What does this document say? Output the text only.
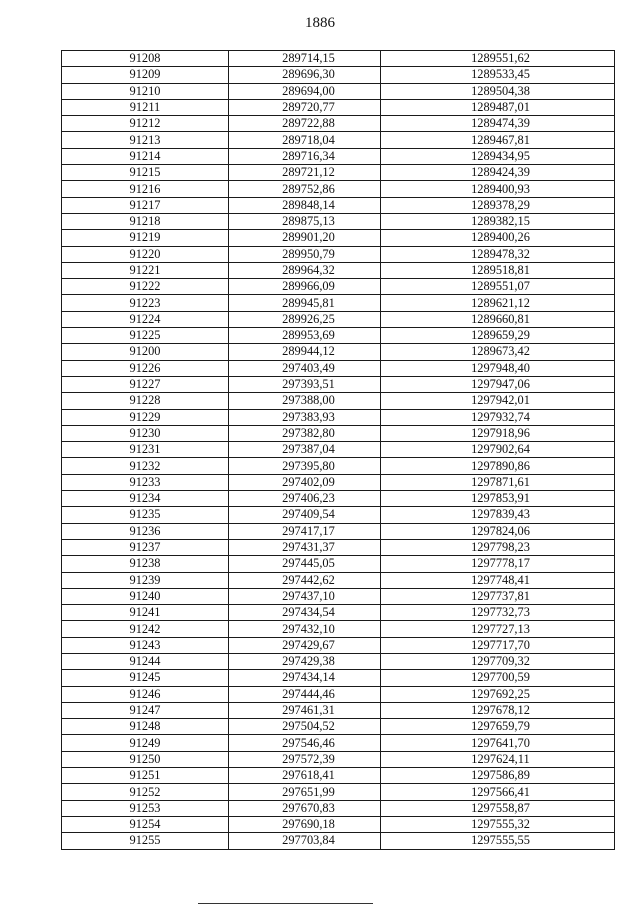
1886
91208	289714,15	1289551,62
91209	289696,30	1289533,45
91210	289694,00	1289504,38
91211	289720,77	1289487,01
91212	289722,88	1289474,39
91213	289718,04	1289467,81
91214	289716,34	1289434,95
91215	289721,12	1289424,39
91216	289752,86	1289400,93
91217	289848,14	1289378,29
91218	289875,13	1289382,15
91219	289901,20	1289400,26
91220	289950,79	1289478,32
91221	289964,32	1289518,81
91222	289966,09	1289551,07
91223	289945,81	1289621,12
91224	289926,25	1289660,81
91225	289953,69	1289659,29
91200	289944,12	1289673,42
91226	297403,49	1297948,40
91227	297393,51	1297947,06
91228	297388,00	1297942,01
91229	297383,93	1297932,74
91230	297382,80	1297918,96
91231	297387,04	1297902,64
91232	297395,80	1297890,86
91233	297402,09	1297871,61
91234	297406,23	1297853,91
91235	297409,54	1297839,43
91236	297417,17	1297824,06
91237	297431,37	1297798,23
91238	297445,05	1297778,17
91239	297442,62	1297748,41
91240	297437,10	1297737,81
91241	297434,54	1297732,73
91242	297432,10	1297727,13
91243	297429,67	1297717,70
91244	297429,38	1297709,32
91245	297434,14	1297700,59
91246	297444,46	1297692,25
91247	297461,31	1297678,12
91248	297504,52	1297659,79
91249	297546,46	1297641,70
91250	297572,39	1297624,11
91251	297618,41	1297586,89
91252	297651,99	1297566,41
91253	297670,83	1297558,87
91254	297690,18	1297555,32
91255	297703,84	1297555,55
